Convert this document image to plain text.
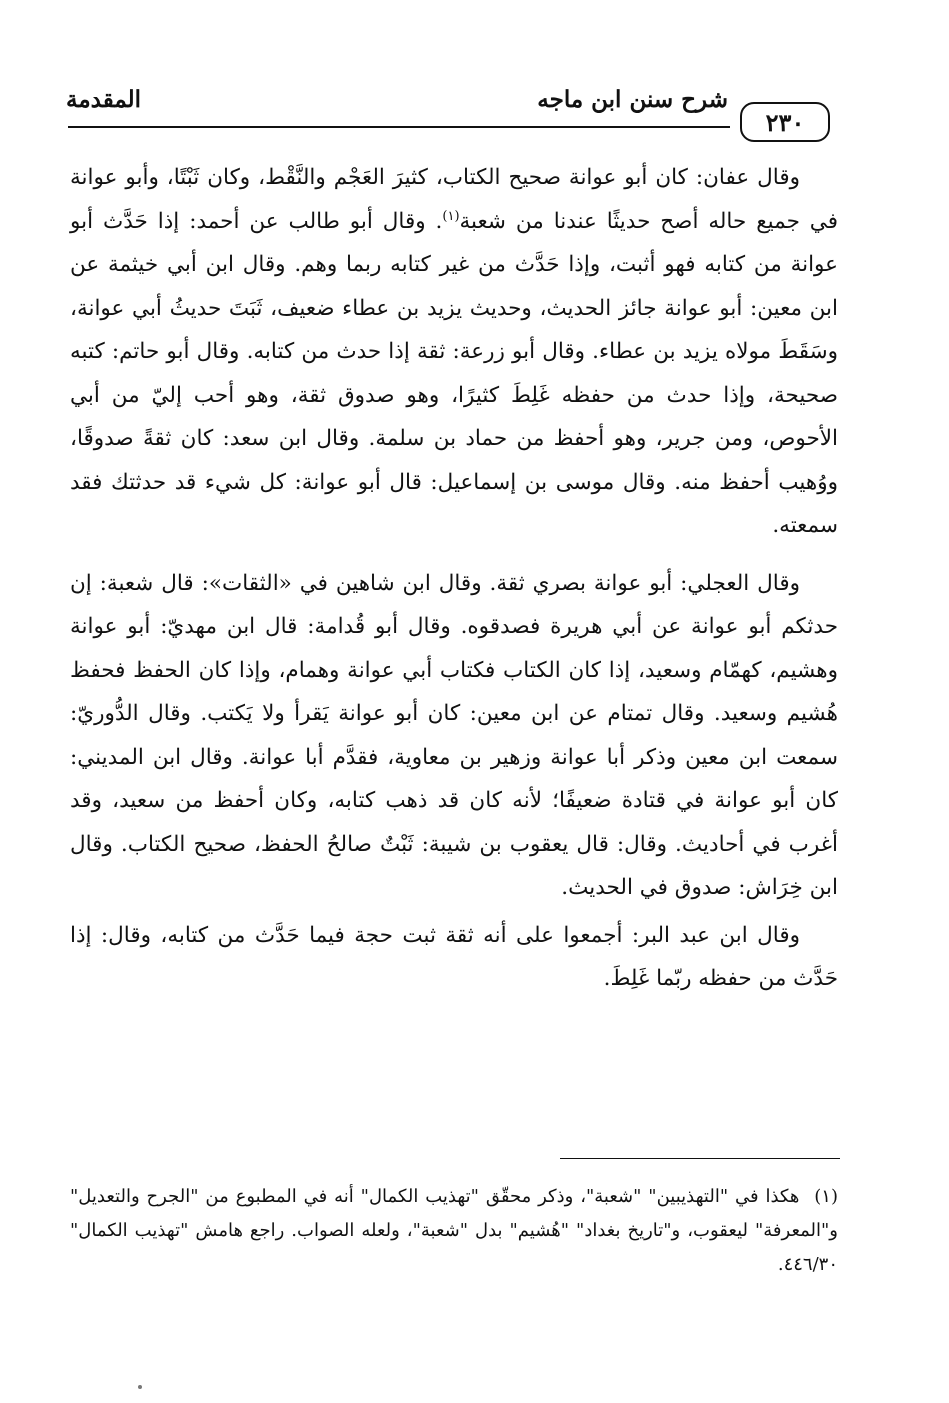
المقدمة	شرح سنن ابن ماجه
٢٣٠

وقال عفان: كان أبو عوانة صحيح الكتاب، كثيرَ العَجْم والنَّقْط، وكان ثَبْتًا، وأبو عوانة في جميع حاله أصح حديثًا عندنا من شعبة$^{(١)}$. وقال أبو طالب عن أحمد: إذا حَدَّث أبو عوانة من كتابه فهو أثبت، وإذا حَدَّث من غير كتابه ربما وهم. وقال ابن أبي خيثمة عن ابن معين: أبو عوانة جائز الحديث، وحديث يزيد بن عطاء ضعيف، ثَبَتَ حديثُ أبي عوانة، وسَقَطَ مولاه يزيد بن عطاء. وقال أبو زرعة: ثقة إذا حدث من كتابه. وقال أبو حاتم: كتبه صحيحة، وإذا حدث من حفظه غَلِطَ كثيرًا، وهو صدوق ثقة، وهو أحب إليّ من أبي الأحوص، ومن جرير، وهو أحفظ من حماد بن سلمة. وقال ابن سعد: كان ثقةً صدوقًا، ووُهيب أحفظ منه. وقال موسى بن إسماعيل: قال أبو عوانة: كل شيء قد حدثتك فقد سمعته.

وقال العجلي: أبو عوانة بصري ثقة. وقال ابن شاهين في «الثقات»: قال شعبة: إن حدثكم أبو عوانة عن أبي هريرة فصدقوه. وقال أبو قُدامة: قال ابن مهديّ: أبو عوانة وهشيم، كهمّام وسعيد، إذا كان الكتاب فكتاب أبي عوانة وهمام، وإذا كان الحفظ فحفظ هُشيم وسعيد. وقال تمتام عن ابن معين: كان أبو عوانة يَقرأ ولا يَكتب. وقال الدُّوريّ: سمعت ابن معين وذكر أبا عوانة وزهير بن معاوية، فقدَّم أبا عوانة. وقال ابن المديني: كان أبو عوانة في قتادة ضعيفًا؛ لأنه كان قد ذهب كتابه، وكان أحفظ من سعيد، وقد أغرب في أحاديث. وقال: قال يعقوب بن شيبة: ثَبْتٌ صالحُ الحفظ، صحيح الكتاب. وقال ابن خِرَاش: صدوق في الحديث.

وقال ابن عبد البر: أجمعوا على أنه ثقة ثبت حجة فيما حَدَّث من كتابه، وقال: إذا حَدَّث من حفظه ربّما غَلِطَ.

(١) هكذا في "التهذيبين" "شعبة"، وذكر محقّق "تهذيب الكمال" أنه في المطبوع من "الجرح والتعديل" و"المعرفة" ليعقوب، و"تاريخ بغداد" "هُشيم" بدل "شعبة"، ولعله الصواب. راجع هامش "تهذيب الكمال" ٤٤٦/٣٠.
